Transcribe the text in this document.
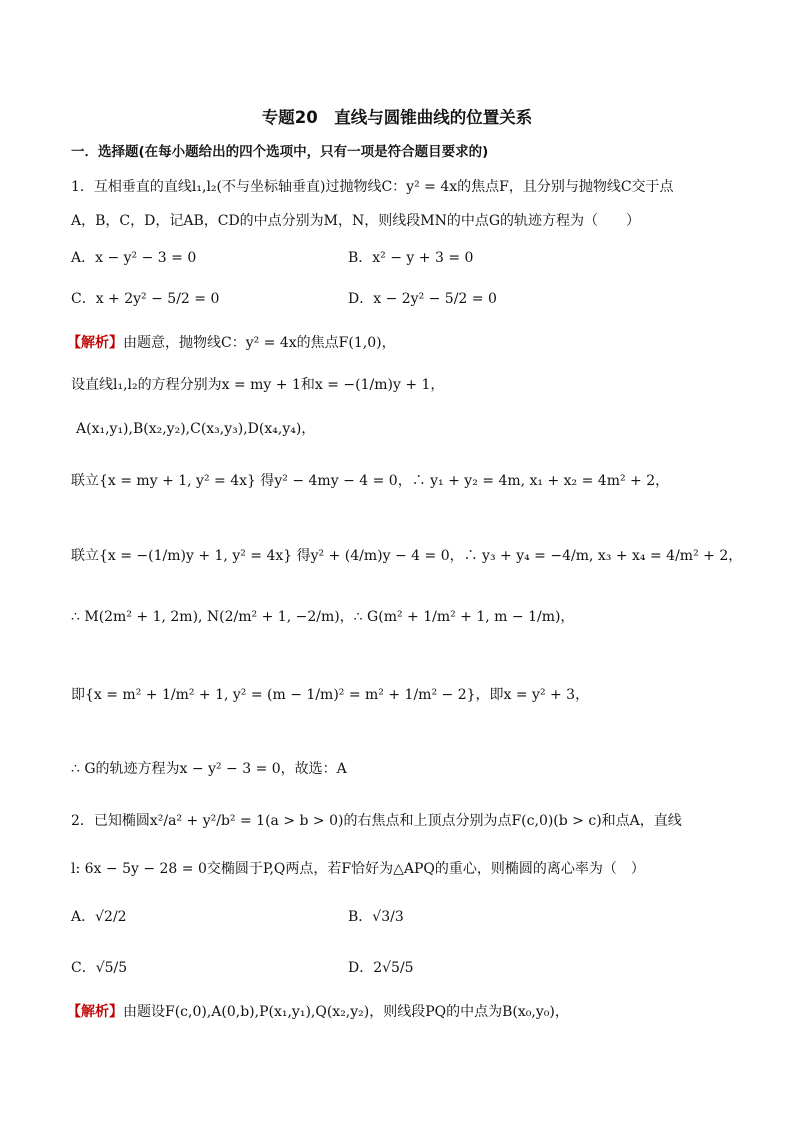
专题20　直线与圆锥曲线的位置关系
一．选择题(在每小题给出的四个选项中，只有一项是符合题目要求的)
1．互相垂直的直线l₁,l₂(不与坐标轴垂直)过抛物线C：y² = 4x的焦点F，且分别与抛物线C交于点
A，B，C，D，记AB，CD的中点分别为M，N，则线段MN的中点G的轨迹方程为（　　）
A．x − y² − 3 = 0	B．x² − y + 3 = 0
C．x + 2y² − 5/2 = 0	D．x − 2y² − 5/2 = 0
【解析】由题意，抛物线C：y² = 4x的焦点F(1,0)，
设直线l₁,l₂的方程分别为x = my + 1和x = −(1/m)y + 1，
A(x₁,y₁),B(x₂,y₂),C(x₃,y₃),D(x₄,y₄)，
联立{x = my + 1, y² = 4x} 得y² − 4my − 4 = 0，∴ y₁ + y₂ = 4m, x₁ + x₂ = 4m² + 2，
联立{x = −(1/m)y + 1, y² = 4x} 得y² + (4/m)y − 4 = 0，∴ y₃ + y₄ = −4/m, x₃ + x₄ = 4/m² + 2，
∴ M(2m² + 1, 2m), N(2/m² + 1, −2/m)，∴ G(m² + 1/m² + 1, m − 1/m)，
即{x = m² + 1/m² + 1, y² = (m − 1/m)² = m² + 1/m² − 2}，即x = y² + 3，
∴ G的轨迹方程为x − y² − 3 = 0，故选：A
2．已知椭圆x²/a² + y²/b² = 1(a > b > 0)的右焦点和上顶点分别为点F(c,0)(b > c)和点A，直线
l: 6x − 5y − 28 = 0交椭圆于P,Q两点，若F恰好为△APQ的重心，则椭圆的离心率为（　）
A．√2/2	B．√3/3
C．√5/5	D．2√5/5
【解析】由题设F(c,0),A(0,b),P(x₁,y₁),Q(x₂,y₂)，则线段PQ的中点为B(x₀,y₀)，
